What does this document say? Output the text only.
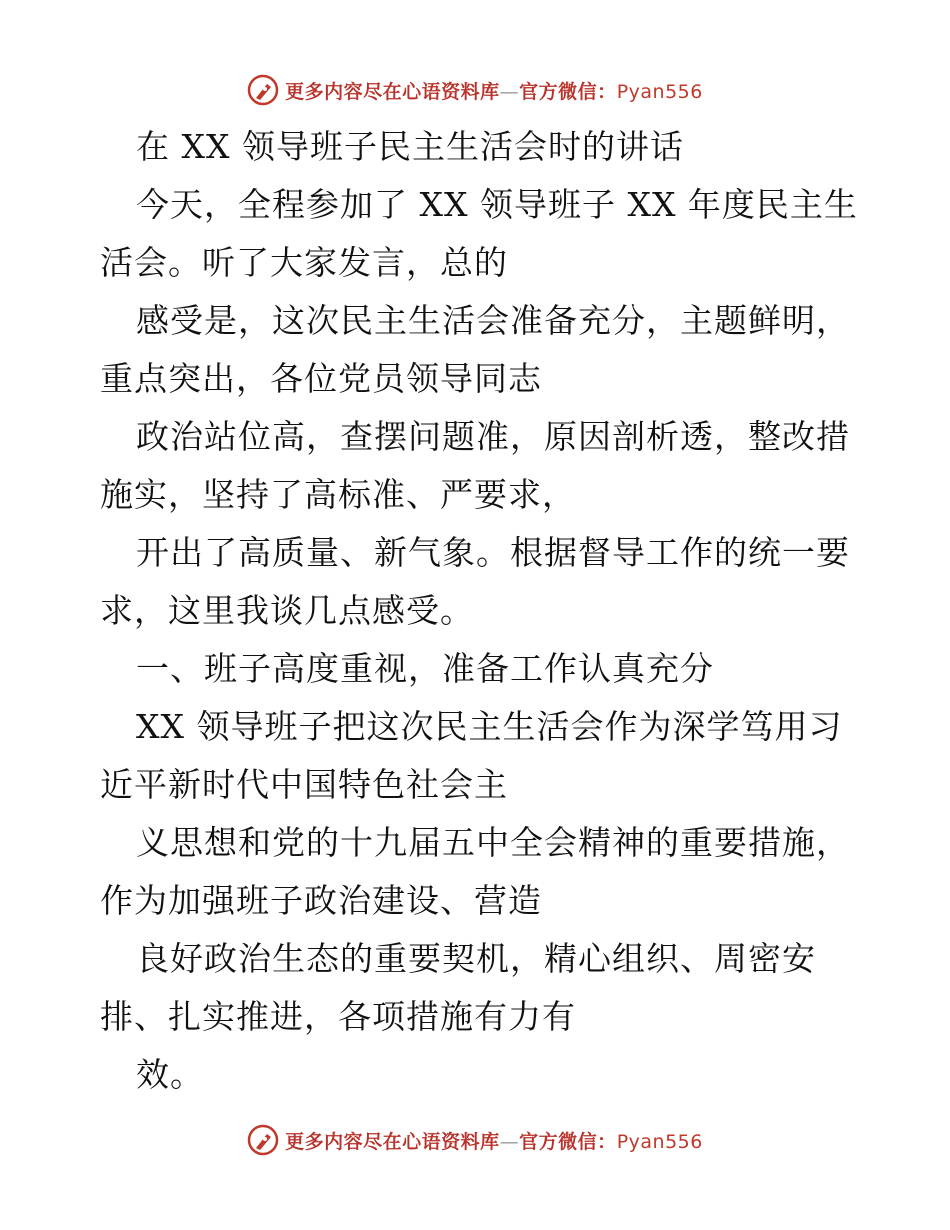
更多内容尽在心语资料库—官方微信：Pyan556
在 XX 领导班子民主生活会时的讲话
今天，全程参加了 XX 领导班子 XX 年度民主生
活会。听了大家发言，总的
感受是，这次民主生活会准备充分，主题鲜明，
重点突出，各位党员领导同志
政治站位高，查摆问题准，原因剖析透，整改措
施实，坚持了高标准、严要求，
开出了高质量、新气象。根据督导工作的统一要
求，这里我谈几点感受。
一、班子高度重视，准备工作认真充分
XX 领导班子把这次民主生活会作为深学笃用习
近平新时代中国特色社会主
义思想和党的十九届五中全会精神的重要措施，
作为加强班子政治建设、营造
良好政治生态的重要契机，精心组织、周密安
排、扎实推进，各项措施有力有
效。
更多内容尽在心语资料库—官方微信：Pyan556
